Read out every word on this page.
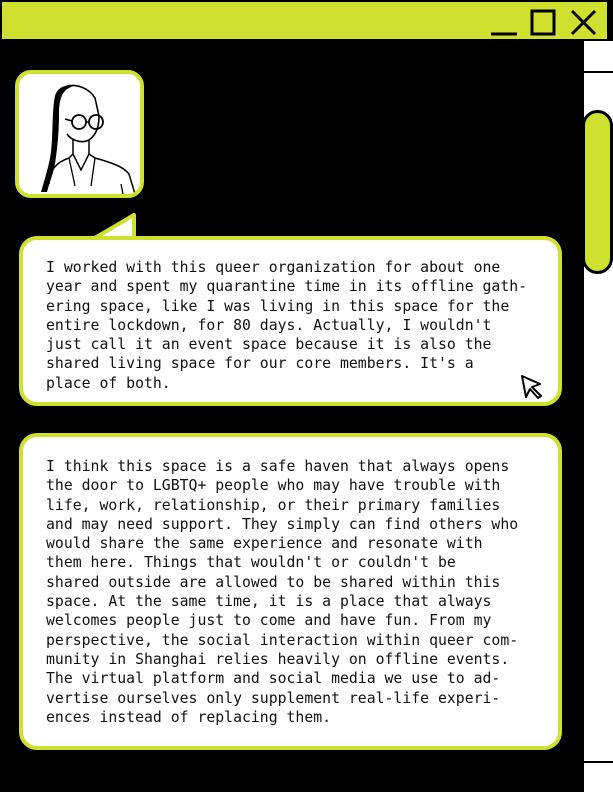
I worked with this queer organization for about one
year and spent my quarantine time in its offline gath-
ering space, like I was living in this space for the
entire lockdown, for 80 days. Actually, I wouldn't
just call it an event space because it is also the
shared living space for our core members. It's a
place of both.

I think this space is a safe haven that always opens
the door to LGBTQ+ people who may have trouble with
life, work, relationship, or their primary families
and may need support. They simply can find others who
would share the same experience and resonate with
them here. Things that wouldn't or couldn't be
shared outside are allowed to be shared within this
space. At the same time, it is a place that always
welcomes people just to come and have fun. From my
perspective, the social interaction within queer com-
munity in Shanghai relies heavily on offline events.
The virtual platform and social media we use to ad-
vertise ourselves only supplement real-life experi-
ences instead of replacing them.
